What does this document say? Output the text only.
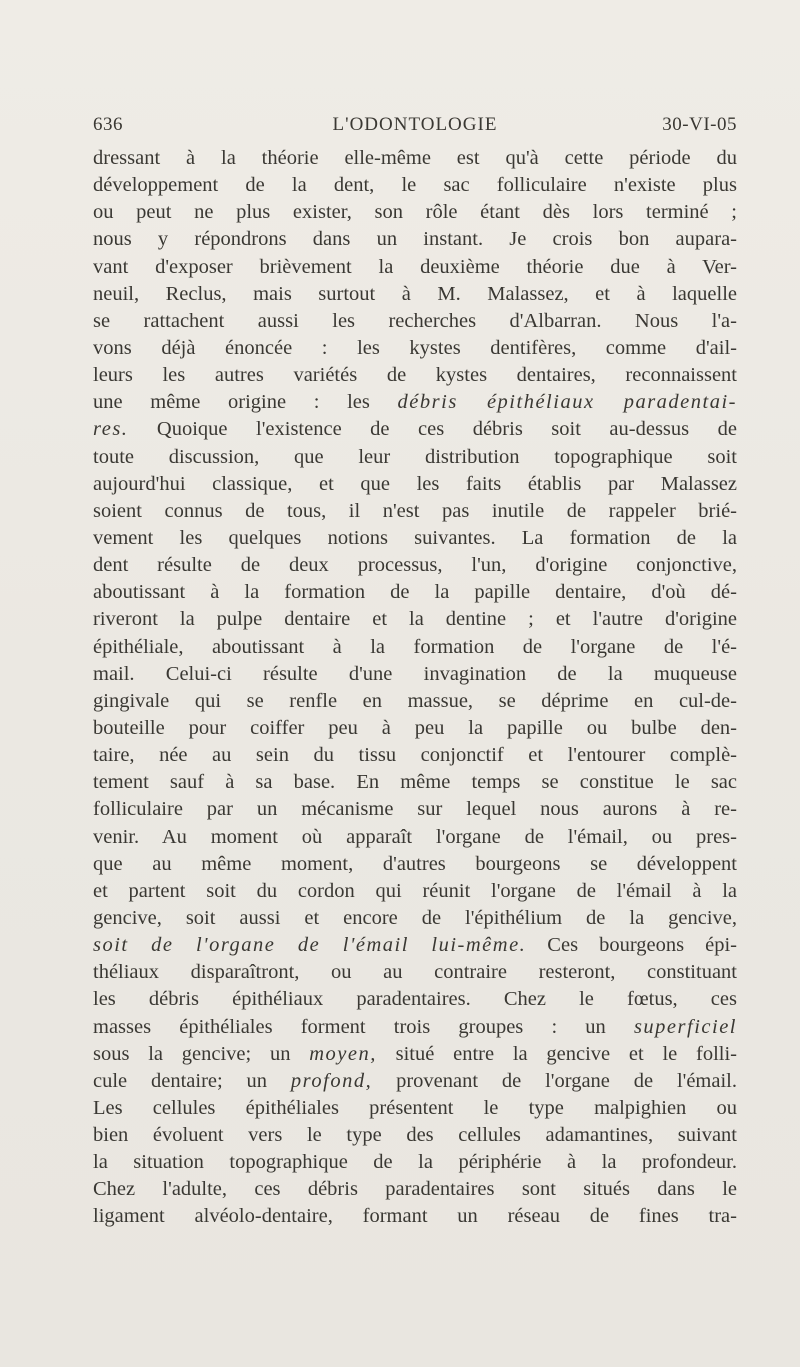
636	L'ODONTOLOGIE	30-VI-05
dressant à la théorie elle-même est qu'à cette période du
développement de la dent, le sac folliculaire n'existe plus
ou peut ne plus exister, son rôle étant dès lors terminé ;
nous y répondrons dans un instant. Je crois bon aupara-
vant d'exposer brièvement la deuxième théorie due à Ver-
neuil, Reclus, mais surtout à M. Malassez, et à laquelle
se rattachent aussi les recherches d'Albarran. Nous l'a-
vons déjà énoncée : les kystes dentifères, comme d'ail-
leurs les autres variétés de kystes dentaires, reconnaissent
une même origine : les débris épithéliaux paradentai-
res. Quoique l'existence de ces débris soit au-dessus de
toute discussion, que leur distribution topographique soit
aujourd'hui classique, et que les faits établis par Malassez
soient connus de tous, il n'est pas inutile de rappeler brié-
vement les quelques notions suivantes. La formation de la
dent résulte de deux processus, l'un, d'origine conjonctive,
aboutissant à la formation de la papille dentaire, d'où dé-
riveront la pulpe dentaire et la dentine ; et l'autre d'origine
épithéliale, aboutissant à la formation de l'organe de l'é-
mail. Celui-ci résulte d'une invagination de la muqueuse
gingivale qui se renfle en massue, se déprime en cul-de-
bouteille pour coiffer peu à peu la papille ou bulbe den-
taire, née au sein du tissu conjonctif et l'entourer complè-
tement sauf à sa base. En même temps se constitue le sac
folliculaire par un mécanisme sur lequel nous aurons à re-
venir. Au moment où apparaît l'organe de l'émail, ou pres-
que au même moment, d'autres bourgeons se développent
et partent soit du cordon qui réunit l'organe de l'émail à la
gencive, soit aussi et encore de l'épithélium de la gencive,
soit de l'organe de l'émail lui-même. Ces bourgeons épi-
théliaux disparaîtront, ou au contraire resteront, constituant
les débris épithéliaux paradentaires. Chez le fœtus, ces
masses épithéliales forment trois groupes : un superficiel
sous la gencive; un moyen, situé entre la gencive et le folli-
cule dentaire; un profond, provenant de l'organe de l'émail.
Les cellules épithéliales présentent le type malpighien ou
bien évoluent vers le type des cellules adamantines, suivant
la situation topographique de la périphérie à la profondeur.
Chez l'adulte, ces débris paradentaires sont situés dans le
ligament alvéolo-dentaire, formant un réseau de fines tra-
